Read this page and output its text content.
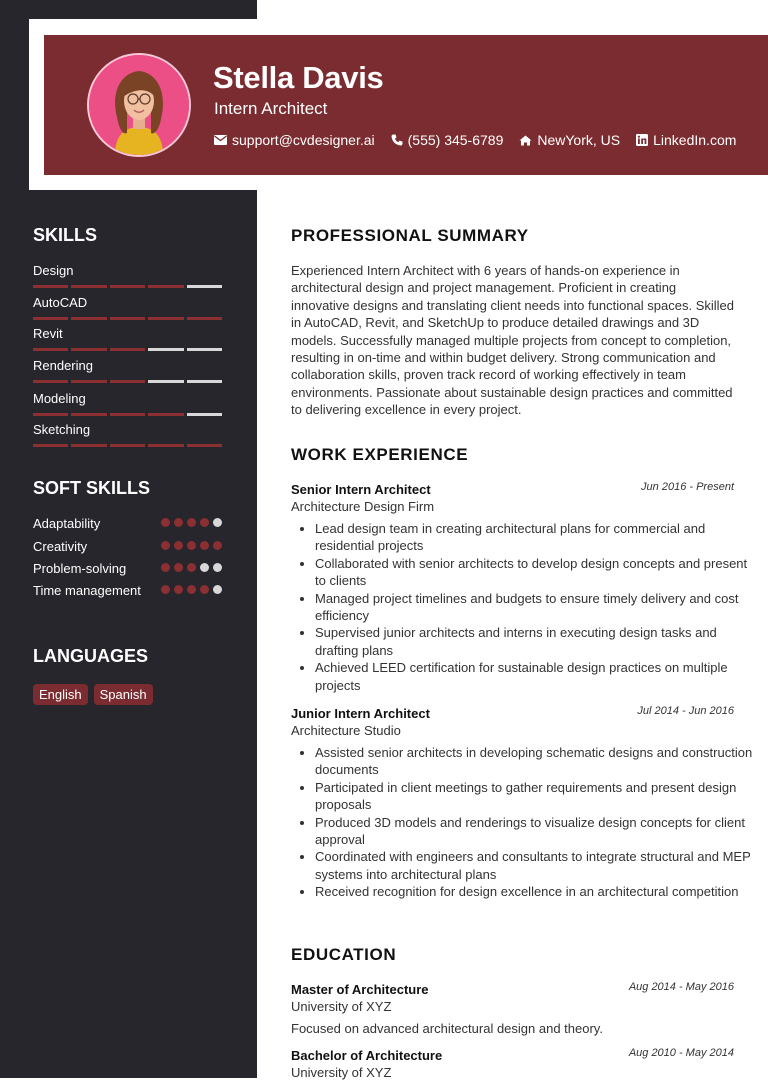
Stella Davis
Intern Architect
support@cvdesigner.ai (555) 345-6789 NewYork, US LinkedIn.com
SKILLS
Design
AutoCAD
Revit
Rendering
Modeling
Sketching
SOFT SKILLS
Adaptability
Creativity
Problem-solving
Time management
LANGUAGES
English	Spanish
PROFESSIONAL SUMMARY

Experienced Intern Architect with 6 years of hands-on experience in architectural design and project management. Proficient in creating innovative designs and translating client needs into functional spaces. Skilled in AutoCAD, Revit, and SketchUp to produce detailed drawings and 3D models. Successfully managed multiple projects from concept to completion, resulting in on-time and within budget delivery. Strong communication and collaboration skills, proven track record of working effectively in team environments. Passionate about sustainable design practices and committed to delivering excellence in every project.

WORK EXPERIENCE
Senior Intern Architect	Jun 2016 - Present
Architecture Design Firm
• Lead design team in creating architectural plans for commercial and residential projects
• Collaborated with senior architects to develop design concepts and present to clients
• Managed project timelines and budgets to ensure timely delivery and cost efficiency
• Supervised junior architects and interns in executing design tasks and drafting plans
• Achieved LEED certification for sustainable design practices on multiple projects
Junior Intern Architect	Jul 2014 - Jun 2016
Architecture Studio
• Assisted senior architects in developing schematic designs and construction documents
• Participated in client meetings to gather requirements and present design proposals
• Produced 3D models and renderings to visualize design concepts for client approval
• Coordinated with engineers and consultants to integrate structural and MEP systems into architectural plans
• Received recognition for design excellence in an architectural competition
EDUCATION
Master of Architecture	Aug 2014 - May 2016
University of XYZ
Focused on advanced architectural design and theory.
Bachelor of Architecture	Aug 2010 - May 2014
University of XYZ
